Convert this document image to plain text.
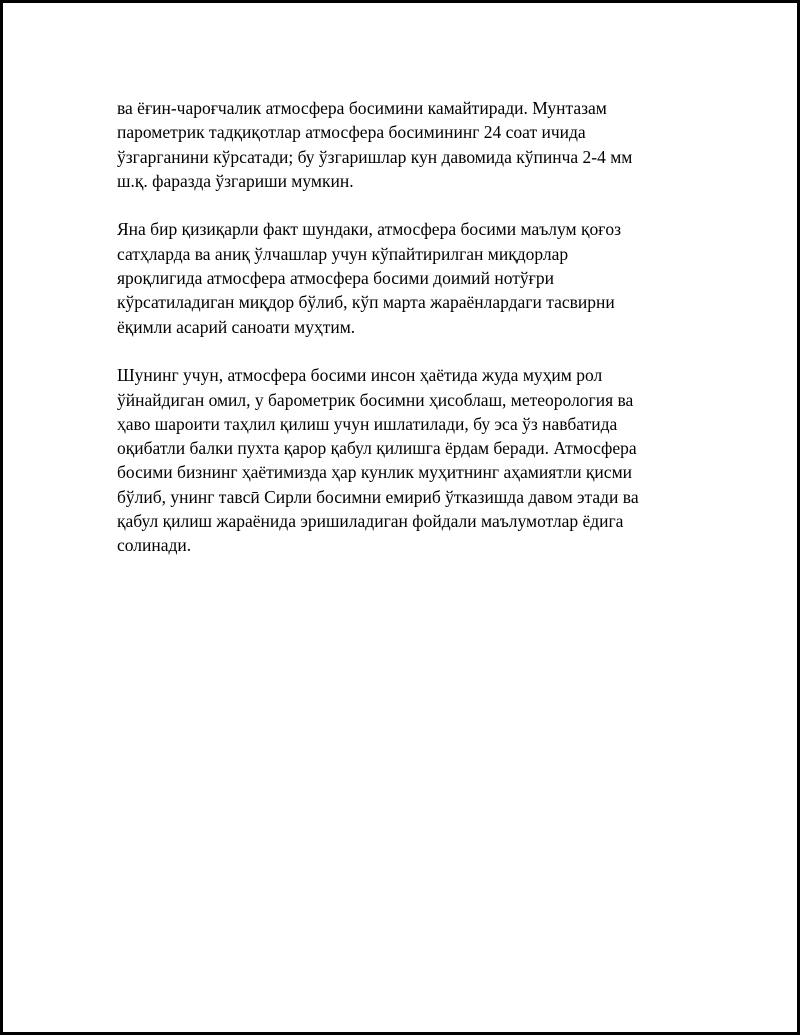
ва ёғин-чароғчалик атмосфера босимини камайтиради. Мунтазам
парометрик тадқиқотлар атмосфера босимининг 24 соат ичида
ўзгарганини кўрсатади; бу ўзгаришлар кун давомида кўпинча 2-4 мм
ш.қ. фаразда ўзгариши мумкин.

Яна бир қизиқарли факт шундаки, атмосфера босими маълум қоғоз
сатҳларда ва аниқ ўлчашлар учун кўпайтирилган миқдорлар
яроқлигида атмосфера атмосфера босими доимий нотўғри
кўрсатиладиган миқдор бўлиб, кўп марта жараёнлардаги тасвирни
ёқимли асарий саноати муҳтим.

Шунинг учун, атмосфера босими инсон ҳаётида жуда муҳим рол
ўйнайдиган омил, у барометрик босимни ҳисоблаш, метеорология ва
ҳаво шароити таҳлил қилиш учун ишлатилади, бу эса ўз навбатида
оқибатли балки пухта қарор қабул қилишга ёрдам беради. Атмосфера
босими бизнинг ҳаётимизда ҳар кунлик муҳитнинг аҳамиятли қисми
бўлиб, унинг тавсӣ Сирли босимни емириб ўтказишда давом этади ва
қабул қилиш жараёнида эришиладиган фойдали маълумотлар ёдига
солинади.
